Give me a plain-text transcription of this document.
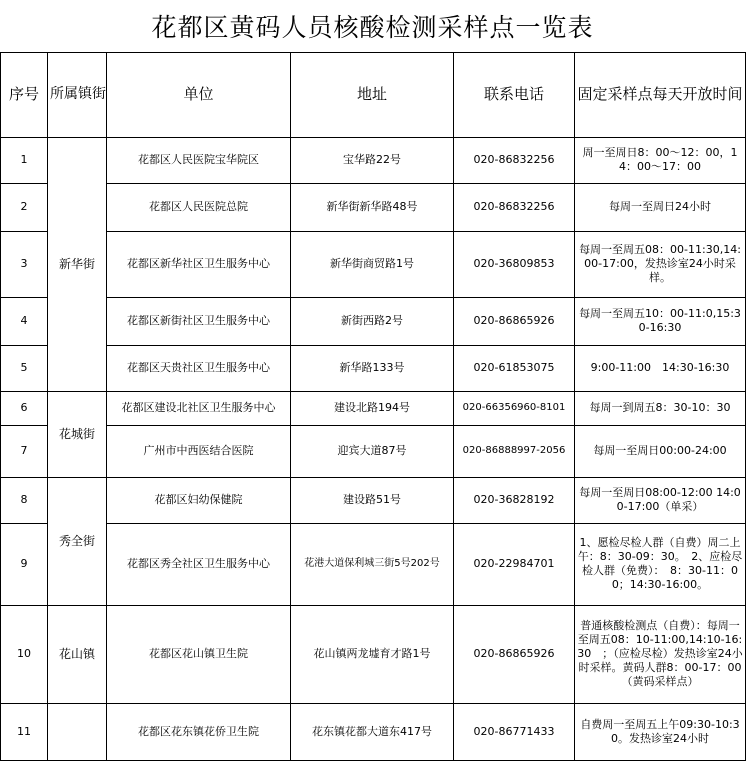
花都区黄码人员核酸检测采样点一览表
序号	所属镇街	单位	地址	联系电话	固定采样点每天开放时间
1	新华街	花都区人民医院宝华院区	宝华路22号	020-86832256	周一至周日8：00～12：00，14：00～17：00
2		花都区人民医院总院	新华街新华路48号	020-86832256	每周一至周日24小时
3		花都区新华社区卫生服务中心	新华街商贸路1号	020-36809853	每周一至周五08：00-11:30,14:00-17:00，发热诊室24小时采样。
4		花都区新街社区卫生服务中心	新街西路2号	020-86865926	每周一至周五10：00-11:0,15:30-16:30
5		花都区天贵社区卫生服务中心	新华路133号	020-61853075	9:00-11:00　14:30-16:30
6	花城街	花都区建设北社区卫生服务中心	建设北路194号	020-66356960-8101	每周一到周五8：30-10：30
7		广州市中西医结合医院	迎宾大道87号	020-86888997-2056	每周一至周日00:00-24:00
8	秀全街	花都区妇幼保健院	建设路51号	020-36828192	每周一至周日08:00-12:00 14:00-17:00（单采）
9		花都区秀全社区卫生服务中心	花港大道保利城三街5号202号	020-22984701	1、愿检尽检人群（自费）周二上午：8：30-09：30。　2、应检尽检人群（免费）：　8：30-11：00；14:30-16:00。
10	花山镇	花都区花山镇卫生院	花山镇两龙墟育才路1号	020-86865926	普通核酸检测点（自费）：每周一至周五08：10-11:00,14:10-16:30　；（应检尽检）发热诊室24小时采样。黄码人群8：00-17：00（黄码采样点）
11		花都区花东镇花侨卫生院	花东镇花都大道东417号	020-86771433	自费周一至周五上午09:30-10:30。发热诊室24小时
